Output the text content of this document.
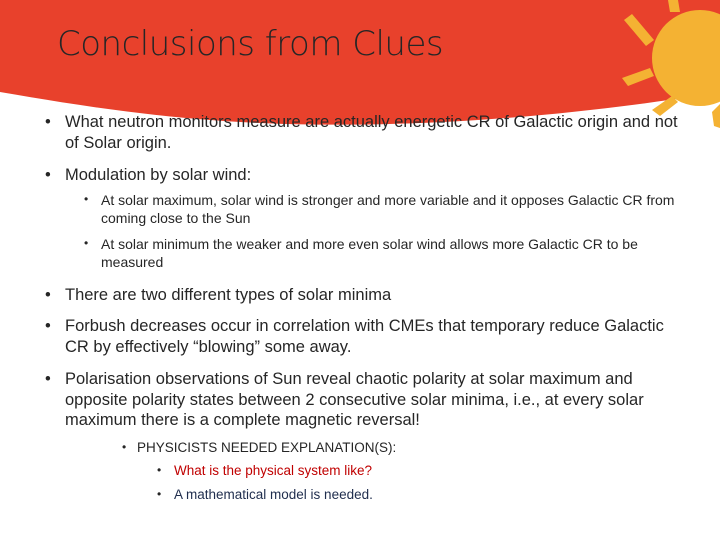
Conclusions from Clues

• What neutron monitors measure are actually energetic CR of Galactic origin and not of Solar origin.

• Modulation by solar wind:

• At solar maximum, solar wind is stronger and more variable and it opposes Galactic CR from coming close to the Sun

• At solar minimum the weaker and more even solar wind allows more Galactic CR to be measured

• There are two different types of solar minima

• Forbush decreases occur in correlation with CMEs that temporary reduce Galactic CR by effectively “blowing” some away.

• Polarisation observations of Sun reveal chaotic polarity at solar maximum and opposite polarity states between 2 consecutive solar minima, i.e., at every solar maximum there is a complete magnetic reversal!

• PHYSICISTS NEEDED EXPLANATION(S):

• What is the physical system like?

• A mathematical model is needed.
